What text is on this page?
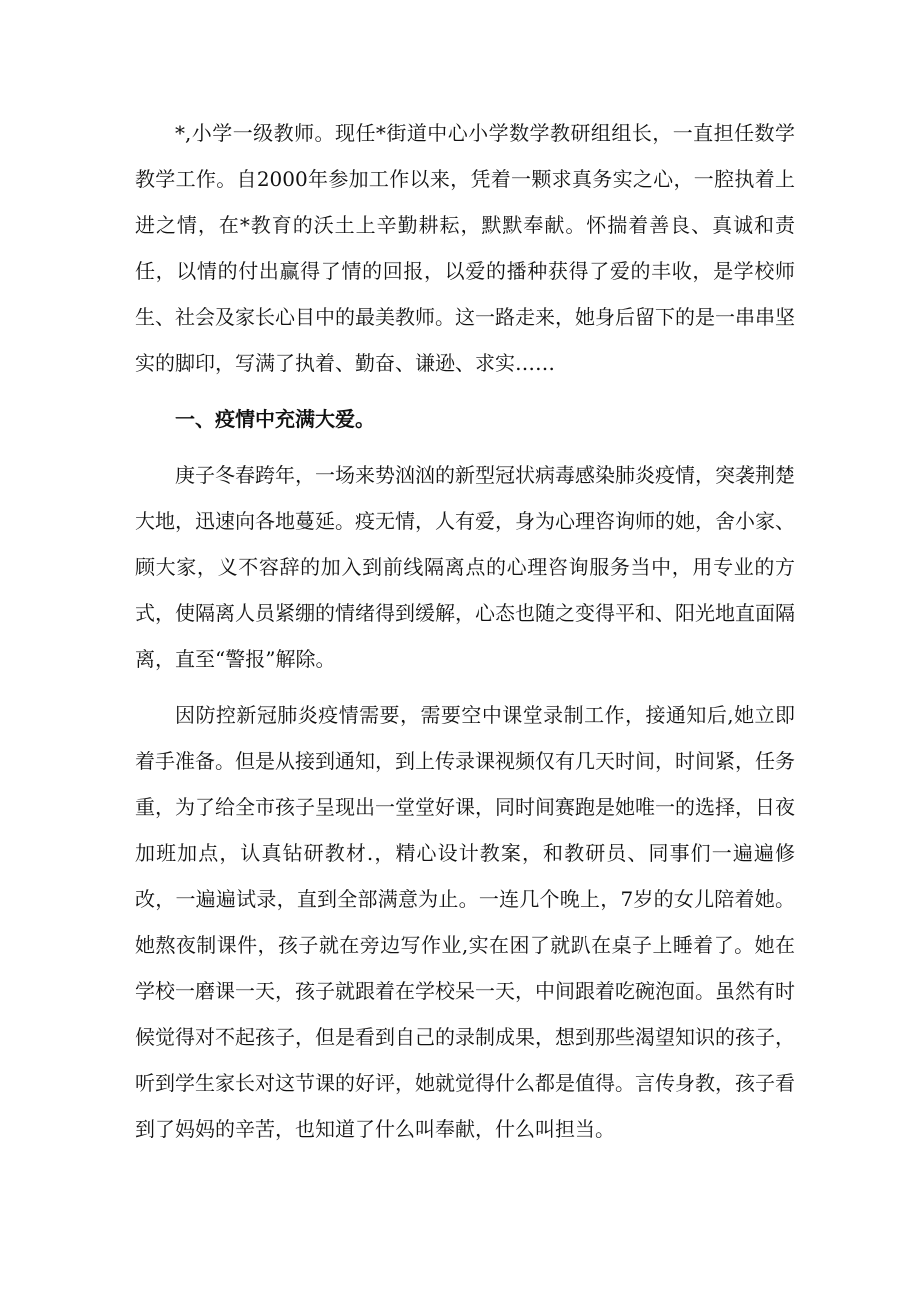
*,小学一级教师。现任*街道中心小学数学教研组组长，一直担任数学教学工作。自2000年参加工作以来，凭着一颗求真务实之心，一腔执着上进之情，在*教育的沃土上辛勤耕耘，默默奉献。怀揣着善良、真诚和责任，以情的付出赢得了情的回报，以爱的播种获得了爱的丰收，是学校师生、社会及家长心目中的最美教师。这一路走来，她身后留下的是一串串坚实的脚印，写满了执着、勤奋、谦逊、求实……

一、疫情中充满大爱。

庚子冬春跨年，一场来势汹汹的新型冠状病毒感染肺炎疫情，突袭荆楚大地，迅速向各地蔓延。疫无情，人有爱，身为心理咨询师的她，舍小家、顾大家，义不容辞的加入到前线隔离点的心理咨询服务当中，用专业的方式，使隔离人员紧绷的情绪得到缓解，心态也随之变得平和、阳光地直面隔离，直至“警报”解除。

因防控新冠肺炎疫情需要，需要空中课堂录制工作，接通知后,她立即着手准备。但是从接到通知，到上传录课视频仅有几天时间，时间紧，任务重，为了给全市孩子呈现出一堂堂好课，同时间赛跑是她唯一的选择，日夜加班加点，认真钻研教材.，精心设计教案，和教研员、同事们一遍遍修改，一遍遍试录，直到全部满意为止。一连几个晚上，7岁的女儿陪着她。她熬夜制课件，孩子就在旁边写作业,实在困了就趴在桌子上睡着了。她在学校一磨课一天，孩子就跟着在学校呆一天，中间跟着吃碗泡面。虽然有时候觉得对不起孩子，但是看到自己的录制成果，想到那些渴望知识的孩子，听到学生家长对这节课的好评，她就觉得什么都是值得。言传身教，孩子看到了妈妈的辛苦，也知道了什么叫奉献，什么叫担当。
